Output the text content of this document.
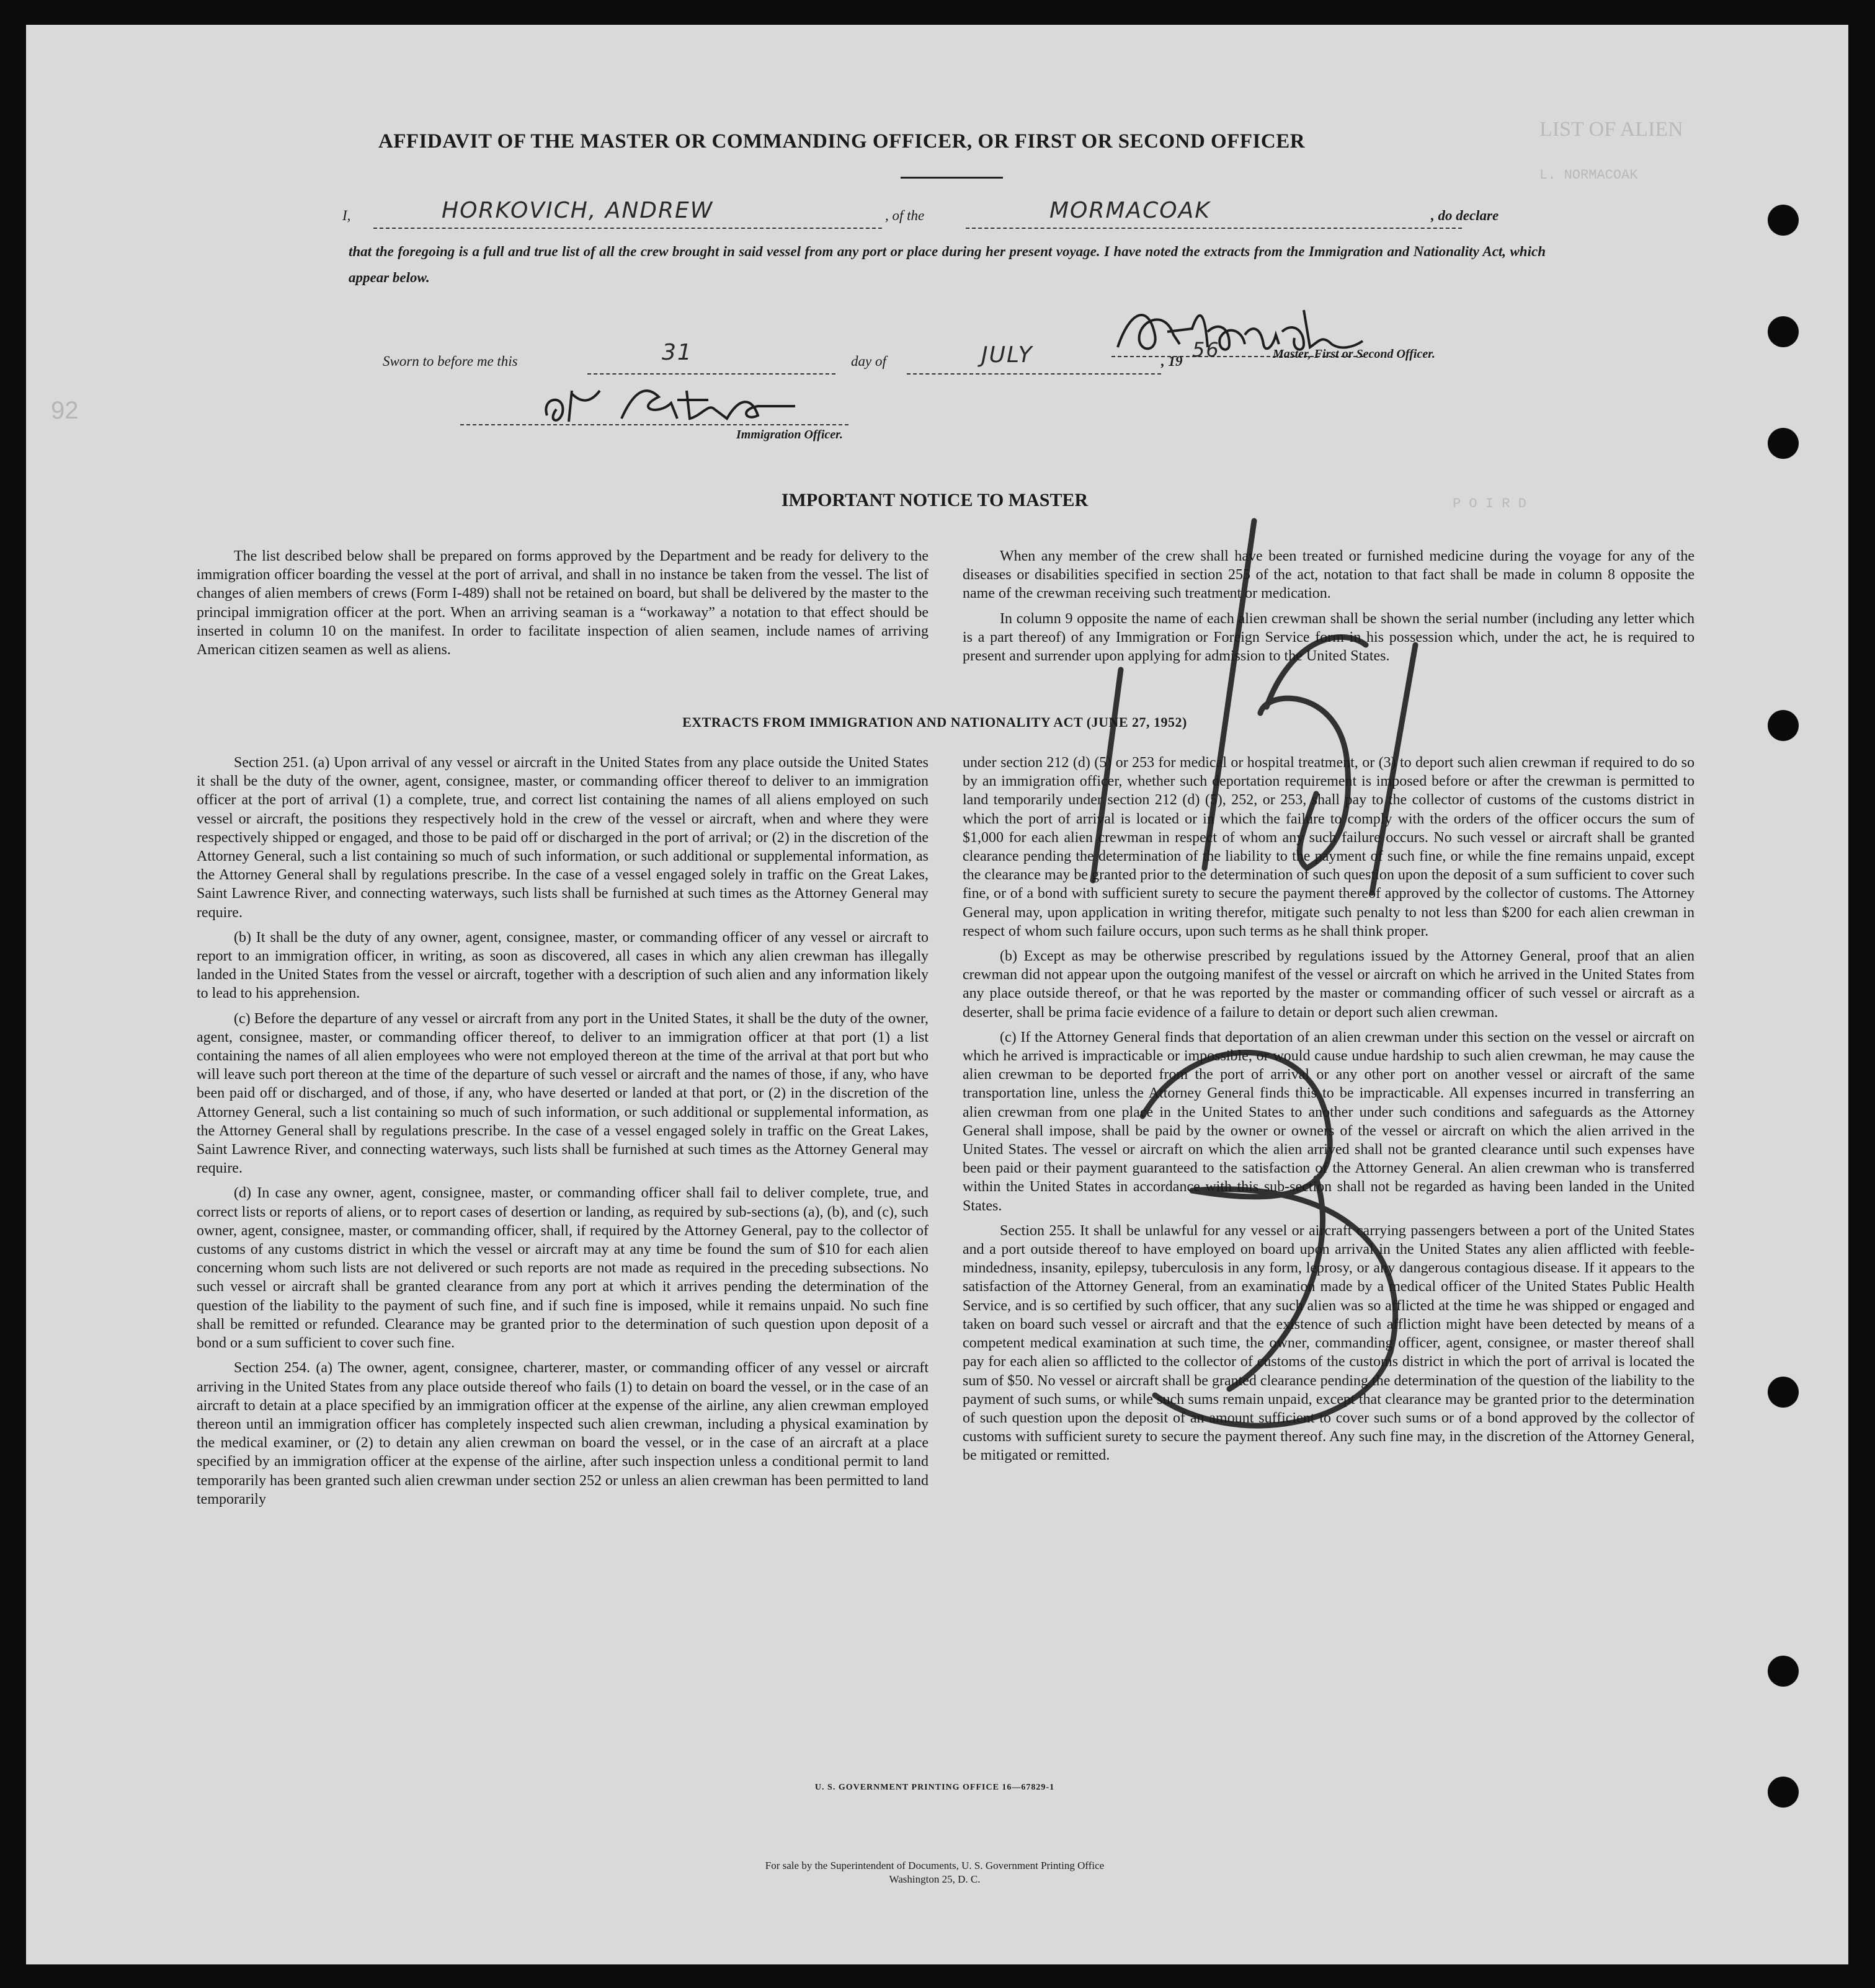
LIST OF ALIEN
L. NORMACOAK
P O I R D
92
AFFIDAVIT OF THE MASTER OR COMMANDING OFFICER, OR FIRST OR SECOND OFFICER
I,	HORKOVICH, ANDREW	, of the	MORMACOAK	, do declare
that the foregoing is a full and true list of all the crew brought in said vessel from any port or place during her present voyage. I have noted the extracts from the Immigration and Nationality Act, which appear below.
Master, First or Second Officer.
Sworn to before me this	31	day of	JULY	, 19 56
Immigration Officer.
IMPORTANT NOTICE TO MASTER

The list described below shall be prepared on forms approved by the Department and be ready for delivery to the immigration officer boarding the vessel at the port of arrival, and shall in no instance be taken from the vessel. The list of changes of alien members of crews (Form I-489) shall not be retained on board, but shall be delivered by the master to the principal immigration officer at the port. When an arriving seaman is a “workaway” a notation to that effect should be inserted in column 10 on the manifest. In order to facilitate inspection of alien seamen, include names of arriving American citizen seamen as well as aliens.

When any member of the crew shall have been treated or furnished medicine during the voyage for any of the diseases or disabilities specified in section 255 of the act, notation to that fact shall be made in column 8 opposite the name of the crewman receiving such treatment or medication.

In column 9 opposite the name of each alien crewman shall be shown the serial number (including any letter which is a part thereof) of any Immigration or Foreign Service form in his possession which, under the act, he is required to present and surrender upon applying for admission to the United States.

EXTRACTS FROM IMMIGRATION AND NATIONALITY ACT (JUNE 27, 1952)

Section 251. (a) Upon arrival of any vessel or aircraft in the United States from any place outside the United States it shall be the duty of the owner, agent, consignee, master, or commanding officer thereof to deliver to an immigration officer at the port of arrival (1) a complete, true, and correct list containing the names of all aliens employed on such vessel or aircraft, the positions they respectively hold in the crew of the vessel or aircraft, when and where they were respectively shipped or engaged, and those to be paid off or discharged in the port of arrival; or (2) in the discretion of the Attorney General, such a list containing so much of such information, or such additional or supplemental information, as the Attorney General shall by regulations prescribe. In the case of a vessel engaged solely in traffic on the Great Lakes, Saint Lawrence River, and connecting waterways, such lists shall be furnished at such times as the Attorney General may require.

(b) It shall be the duty of any owner, agent, consignee, master, or commanding officer of any vessel or aircraft to report to an immigration officer, in writing, as soon as discovered, all cases in which any alien crewman has illegally landed in the United States from the vessel or aircraft, together with a description of such alien and any information likely to lead to his apprehension.

(c) Before the departure of any vessel or aircraft from any port in the United States, it shall be the duty of the owner, agent, consignee, master, or commanding officer thereof, to deliver to an immigration officer at that port (1) a list containing the names of all alien employees who were not employed thereon at the time of the arrival at that port but who will leave such port thereon at the time of the departure of such vessel or aircraft and the names of those, if any, who have been paid off or discharged, and of those, if any, who have deserted or landed at that port, or (2) in the discretion of the Attorney General, such a list containing so much of such information, or such additional or supplemental information, as the Attorney General shall by regulations prescribe. In the case of a vessel engaged solely in traffic on the Great Lakes, Saint Lawrence River, and connecting waterways, such lists shall be furnished at such times as the Attorney General may require.

(d) In case any owner, agent, consignee, master, or commanding officer shall fail to deliver complete, true, and correct lists or reports of aliens, or to report cases of desertion or landing, as required by sub-sections (a), (b), and (c), such owner, agent, consignee, master, or commanding officer, shall, if required by the Attorney General, pay to the collector of customs of any customs district in which the vessel or aircraft may at any time be found the sum of $10 for each alien concerning whom such lists are not delivered or such reports are not made as required in the preceding subsections. No such vessel or aircraft shall be granted clearance from any port at which it arrives pending the determination of the question of the liability to the payment of such fine, and if such fine is imposed, while it remains unpaid. No such fine shall be remitted or refunded. Clearance may be granted prior to the determination of such question upon deposit of a bond or a sum sufficient to cover such fine.

Section 254. (a) The owner, agent, consignee, charterer, master, or commanding officer of any vessel or aircraft arriving in the United States from any place outside thereof who fails (1) to detain on board the vessel, or in the case of an aircraft to detain at a place specified by an immigration officer at the expense of the airline, any alien crewman employed thereon until an immigration officer has completely inspected such alien crewman, including a physical examination by the medical examiner, or (2) to detain any alien crewman on board the vessel, or in the case of an aircraft at a place specified by an immigration officer at the expense of the airline, after such inspection unless a conditional permit to land temporarily has been granted such alien crewman under section 252 or unless an alien crewman has been permitted to land temporarily

under section 212 (d) (5) or 253 for medical or hospital treatment, or (3) to deport such alien crewman if required to do so by an immigration officer, whether such deportation requirement is imposed before or after the crewman is permitted to land temporarily under section 212 (d) (5), 252, or 253, shall pay to the collector of customs of the customs district in which the port of arrival is located or in which the failure to comply with the orders of the officer occurs the sum of $1,000 for each alien crewman in respect of whom any such failure occurs. No such vessel or aircraft shall be granted clearance pending the determination of the liability to the payment of such fine, or while the fine remains unpaid, except the clearance may be granted prior to the determination of such question upon the deposit of a sum sufficient to cover such fine, or of a bond with sufficient surety to secure the payment thereof approved by the collector of customs. The Attorney General may, upon application in writing therefor, mitigate such penalty to not less than $200 for each alien crewman in respect of whom such failure occurs, upon such terms as he shall think proper.

(b) Except as may be otherwise prescribed by regulations issued by the Attorney General, proof that an alien crewman did not appear upon the outgoing manifest of the vessel or aircraft on which he arrived in the United States from any place outside thereof, or that he was reported by the master or commanding officer of such vessel or aircraft as a deserter, shall be prima facie evidence of a failure to detain or deport such alien crewman.

(c) If the Attorney General finds that deportation of an alien crewman under this section on the vessel or aircraft on which he arrived is impracticable or impossible, or would cause undue hardship to such alien crewman, he may cause the alien crewman to be deported from the port of arrival or any other port on another vessel or aircraft of the same transportation line, unless the Attorney General finds this to be impracticable. All expenses incurred in transferring an alien crewman from one place in the United States to another under such conditions and safeguards as the Attorney General shall impose, shall be paid by the owner or owners of the vessel or aircraft on which the alien arrived in the United States. The vessel or aircraft on which the alien arrived shall not be granted clearance until such expenses have been paid or their payment guaranteed to the satisfaction of the Attorney General. An alien crewman who is transferred within the United States in accordance with this sub-section shall not be regarded as having been landed in the United States.

Section 255. It shall be unlawful for any vessel or aircraft carrying passengers between a port of the United States and a port outside thereof to have employed on board upon arrival in the United States any alien afflicted with feeble-mindedness, insanity, epilepsy, tuberculosis in any form, leprosy, or any dangerous contagious disease. If it appears to the satisfaction of the Attorney General, from an examination made by a medical officer of the United States Public Health Service, and is so certified by such officer, that any such alien was so afflicted at the time he was shipped or engaged and taken on board such vessel or aircraft and that the existence of such affliction might have been detected by means of a competent medical examination at such time, the owner, commanding officer, agent, consignee, or master thereof shall pay for each alien so afflicted to the collector of customs of the customs district in which the port of arrival is located the sum of $50. No vessel or aircraft shall be granted clearance pending the determination of the question of the liability to the payment of such sums, or while such sums remain unpaid, except that clearance may be granted prior to the determination of such question upon the deposit of an amount sufficient to cover such sums or of a bond approved by the collector of customs with sufficient surety to secure the payment thereof. Any such fine may, in the discretion of the Attorney General, be mitigated or remitted.

U. S. GOVERNMENT PRINTING OFFICE 16—67829-1
For sale by the Superintendent of Documents, U. S. Government Printing Office
Washington 25, D. C.
